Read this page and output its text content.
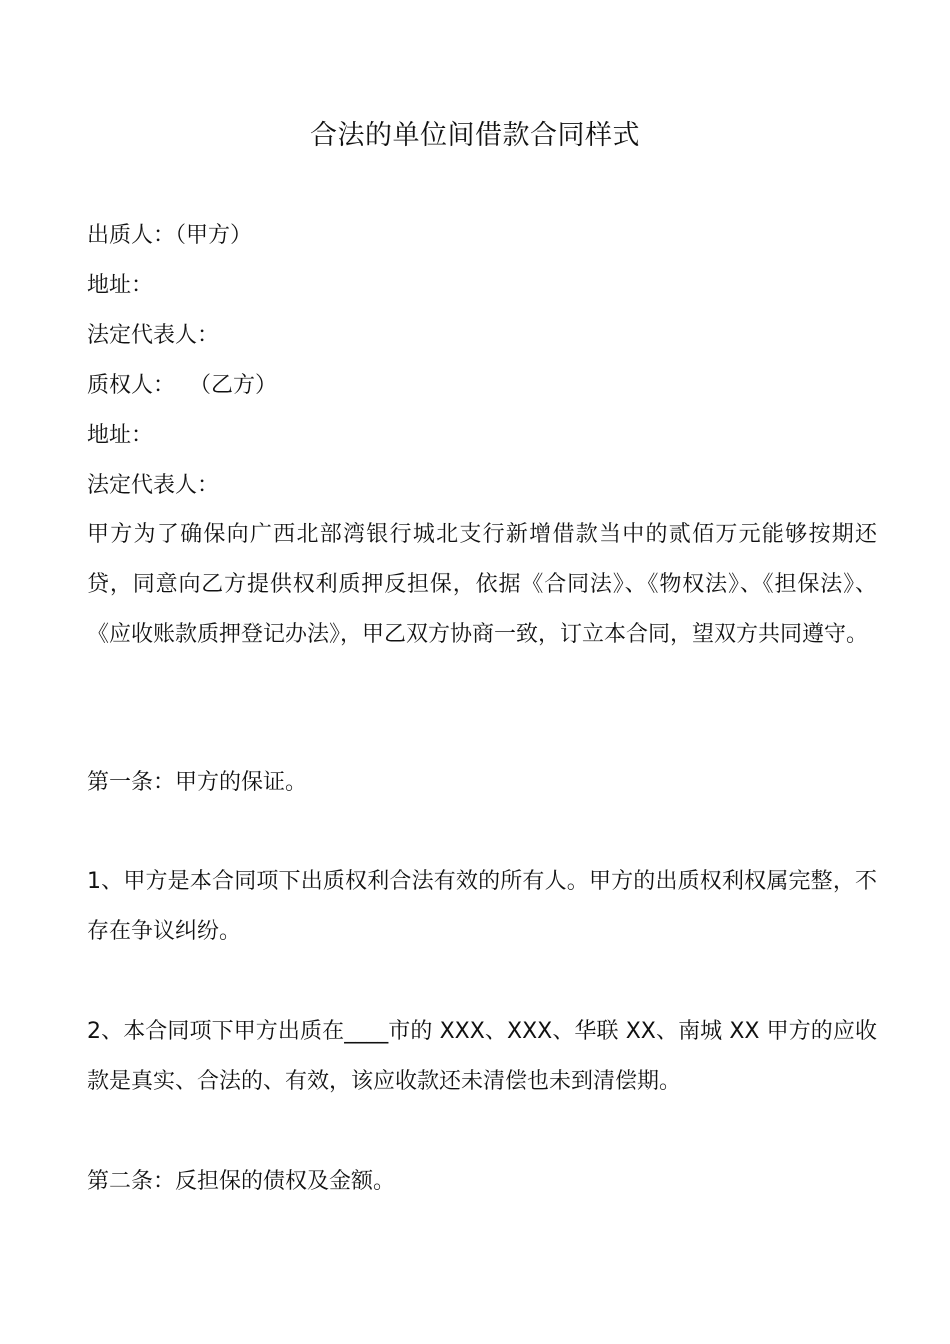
合法的单位间借款合同样式
出质人：（甲方）
地址：
法定代表人：
质权人：  （乙方）
地址：
法定代表人：
甲方为了确保向广西北部湾银行城北支行新增借款当中的贰佰万元能够按期还贷，同意向乙方提供权利质押反担保，依据《合同法》、《物权法》、《担保法》、《应收账款质押登记办法》，甲乙双方协商一致，订立本合同，望双方共同遵守。
第一条：甲方的保证。
1、甲方是本合同项下出质权利合法有效的所有人。甲方的出质权利权属完整，不存在争议纠纷。
2、本合同项下甲方出质在____市的 XXX、XXX、华联 XX、南城 XX 甲方的应收款是真实、合法的、有效，该应收款还未清偿也未到清偿期。
第二条：反担保的债权及金额。
